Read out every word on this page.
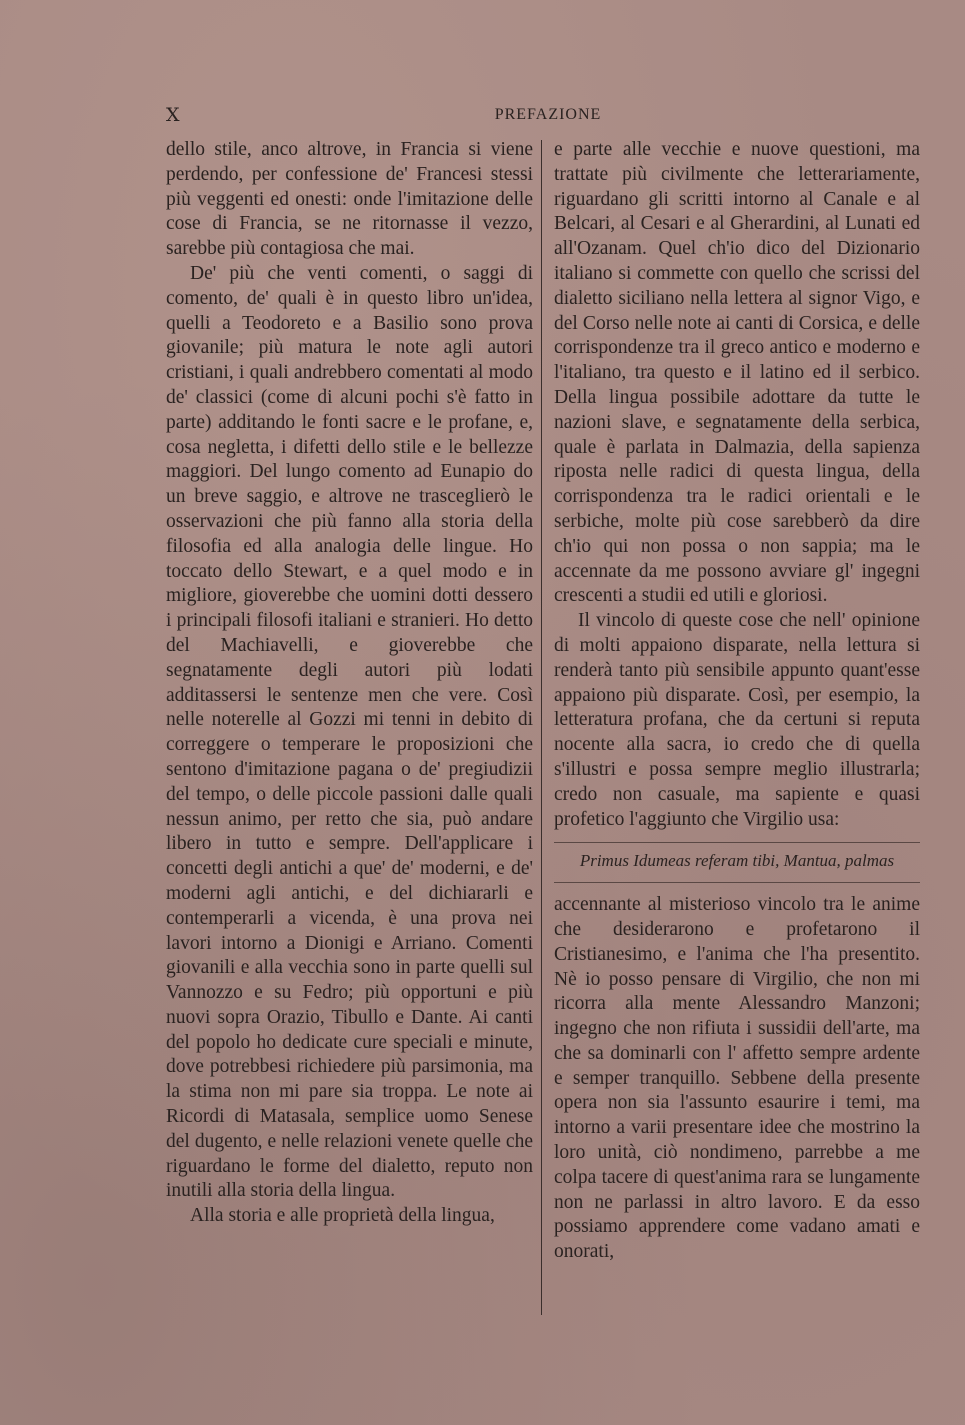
X	PREFAZIONE

dello stile, anco altrove, in Francia si viene perdendo, per confessione de' Francesi stessi più veggenti ed onesti: onde l'imitazione delle cose di Francia, se ne ritornasse il vezzo, sarebbe più contagiosa che mai.

De' più che venti comenti, o saggi di comento, de' quali è in questo libro un'idea, quelli a Teodoreto e a Basilio sono prova giovanile; più matura le note agli autori cristiani, i quali andrebbero comentati al modo de' classici (come di alcuni pochi s'è fatto in parte) additando le fonti sacre e le profane, e, cosa negletta, i difetti dello stile e le bellezze maggiori. Del lungo comento ad Eunapio do un breve saggio, e altrove ne trasceglierò le osservazioni che più fanno alla storia della filosofia ed alla analogia delle lingue. Ho toccato dello Stewart, e a quel modo e in migliore, gioverebbe che uomini dotti dessero i principali filosofi italiani e stranieri. Ho detto del Machiavelli, e gioverebbe che segnatamente degli autori più lodati additassersi le sentenze men che vere. Così nelle noterelle al Gozzi mi tenni in debito di correggere o temperare le proposizioni che sentono d'imitazione pagana o de' pregiudizii del tempo, o delle piccole passioni dalle quali nessun animo, per retto che sia, può andare libero in tutto e sempre. Dell'applicare i concetti degli antichi a que' de' moderni, e de' moderni agli antichi, e del dichiararli e contemperarli a vicenda, è una prova nei lavori intorno a Dionigi e Arriano. Comenti giovanili e alla vecchia sono in parte quelli sul Vannozzo e su Fedro; più opportuni e più nuovi sopra Orazio, Tibullo e Dante. Ai canti del popolo ho dedicate cure speciali e minute, dove potrebbesi richiedere più parsimonia, ma la stima non mi pare sia troppa. Le note ai Ricordi di Matasala, semplice uomo Senese del dugento, e nelle relazioni venete quelle che riguardano le forme del dialetto, reputo non inutili alla storia della lingua.

Alla storia e alle proprietà della lingua,

e parte alle vecchie e nuove questioni, ma trattate più civilmente che letterariamente, riguardano gli scritti intorno al Canale e al Belcari, al Cesari e al Gherardini, al Lunati ed all'Ozanam. Quel ch'io dico del Dizionario italiano si commette con quello che scrissi del dialetto siciliano nella lettera al signor Vigo, e del Corso nelle note ai canti di Corsica, e delle corrispondenze tra il greco antico e moderno e l'italiano, tra questo e il latino ed il serbico. Della lingua possibile adottare da tutte le nazioni slave, e segnatamente della serbica, quale è parlata in Dalmazia, della sapienza riposta nelle radici di questa lingua, della corrispondenza tra le radici orientali e le serbiche, molte più cose sarebberò da dire ch'io qui non possa o non sappia; ma le accennate da me possono avviare gl' ingegni crescenti a studii ed utili e gloriosi.

Il vincolo di queste cose che nell' opinione di molti appaiono disparate, nella lettura si renderà tanto più sensibile appunto quant'esse appaiono più disparate. Così, per esempio, la letteratura profana, che da certuni si reputa nocente alla sacra, io credo che di quella s'illustri e possa sempre meglio illustrarla; credo non casuale, ma sapiente e quasi profetico l'aggiunto che Virgilio usa:

Primus Idumeas referam tibi, Mantua, palmas

accennante al misterioso vincolo tra le anime che desiderarono e profetarono il Cristianesimo, e l'anima che l'ha presentito. Nè io posso pensare di Virgilio, che non mi ricorra alla mente Alessandro Manzoni; ingegno che non rifiuta i sussidii dell'arte, ma che sa dominarli con l' affetto sempre ardente e semper tranquillo. Sebbene della presente opera non sia l'assunto esaurire i temi, ma intorno a varii presentare idee che mostrino la loro unità, ciò nondimeno, parrebbe a me colpa tacere di quest'anima rara se lungamente non ne parlassi in altro lavoro. E da esso possiamo apprendere come vadano amati e onorati,
